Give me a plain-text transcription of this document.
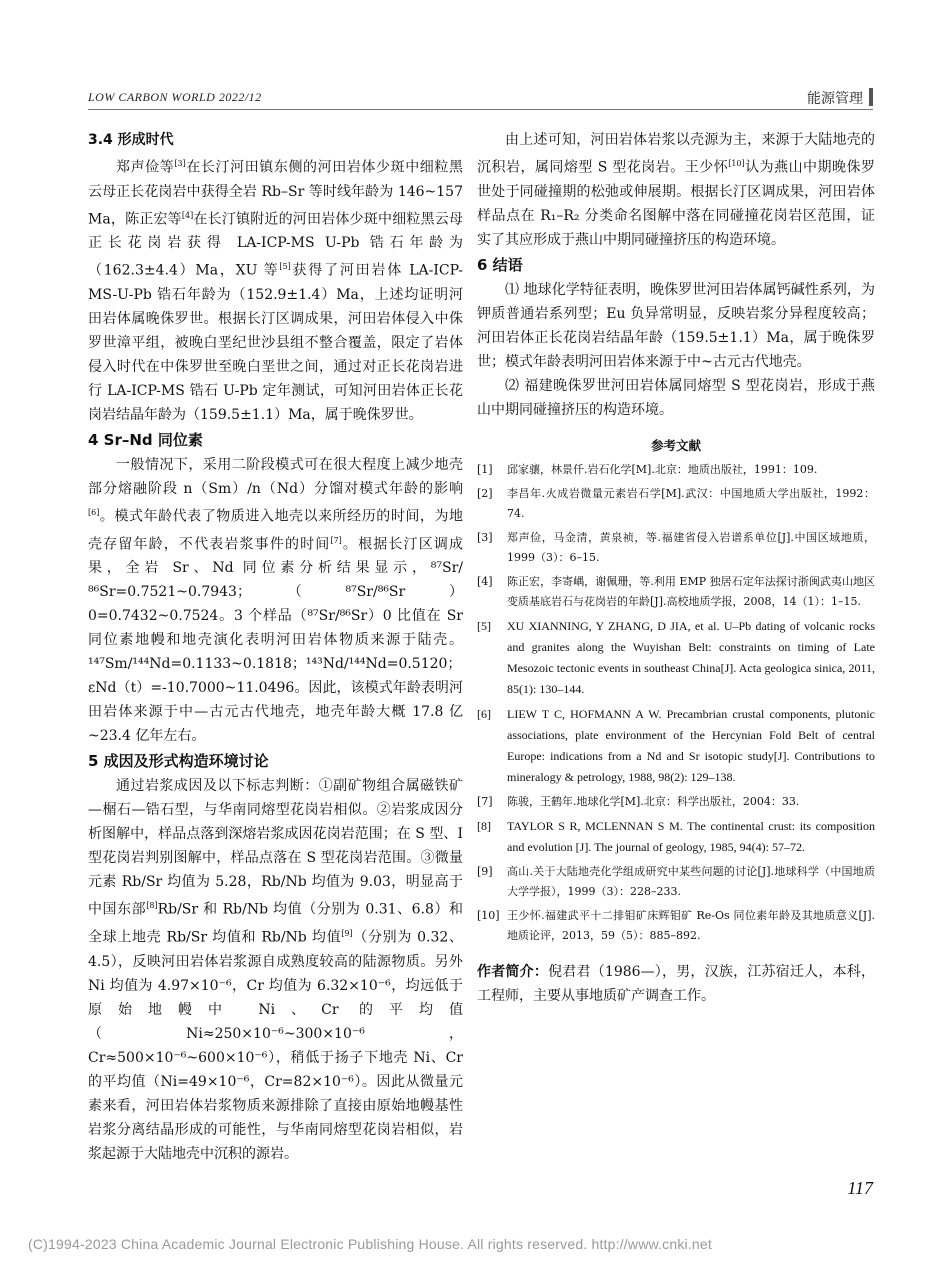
LOW CARBON WORLD 2022/12	能源管理
3.4 形成时代

郑声俭等[3]在长汀河田镇东侧的河田岩体少斑中细粒黑云母正长花岗岩中获得全岩 Rb–Sr 等时线年龄为 146~157 Ma，陈正宏等[4]在长汀镇附近的河田岩体少斑中细粒黑云母正长花岗岩获得 LA-ICP-MS U-Pb 锆石年龄为（162.3±4.4）Ma，XU 等[5]获得了河田岩体 LA-ICP-MS-U-Pb 锆石年龄为（152.9±1.4）Ma，上述均证明河田岩体属晚侏罗世。根据长汀区调成果，河田岩体侵入中侏罗世漳平组，被晚白垩纪世沙县组不整合覆盖，限定了岩体侵入时代在中侏罗世至晚白垩世之间，通过对正长花岗岩进行 LA-ICP-MS 锆石 U-Pb 定年测试，可知河田岩体正长花岗岩结晶年龄为（159.5±1.1）Ma，属于晚侏罗世。

4 Sr–Nd 同位素

一般情况下，采用二阶段模式可在很大程度上减少地壳部分熔融阶段 n（Sm）/n（Nd）分馏对模式年龄的影响[6]。模式年龄代表了物质进入地壳以来所经历的时间，为地壳存留年龄，不代表岩浆事件的时间[7]。根据长汀区调成果，全岩 Sr、Nd 同位素分析结果显示，⁸⁷Sr/⁸⁶Sr=0.7521~0.7943；（⁸⁷Sr/⁸⁶Sr）0=0.7432~0.7524。3 个样品（⁸⁷Sr/⁸⁶Sr）0 比值在 Sr 同位素地幔和地壳演化表明河田岩体物质来源于陆壳。¹⁴⁷Sm/¹⁴⁴Nd=0.1133~0.1818；¹⁴³Nd/¹⁴⁴Nd=0.5120；εNd（t）=-10.7000~11.0496。因此，该模式年龄表明河田岩体来源于中—古元古代地壳，地壳年龄大概 17.8 亿~23.4 亿年左右。

5 成因及形式构造环境讨论

通过岩浆成因及以下标志判断：①副矿物组合属磁铁矿—榍石—锆石型，与华南同熔型花岗岩相似。②岩浆成因分析图解中，样品点落到深熔岩浆成因花岗岩范围；在 S 型、I 型花岗岩判别图解中，样品点落在 S 型花岗岩范围。③微量元素 Rb/Sr 均值为 5.28，Rb/Nb 均值为 9.03，明显高于中国东部[8]Rb/Sr 和 Rb/Nb 均值（分别为 0.31、6.8）和全球上地壳 Rb/Sr 均值和 Rb/Nb 均值[9]（分别为 0.32、4.5），反映河田岩体岩浆源自成熟度较高的陆源物质。另外 Ni 均值为 4.97×10⁻⁶，Cr 均值为 6.32×10⁻⁶，均远低于原始地幔中 Ni、Cr 的平均值（Ni≈250×10⁻⁶~300×10⁻⁶，Cr≈500×10⁻⁶~600×10⁻⁶），稍低于扬子下地壳 Ni、Cr 的平均值（Ni=49×10⁻⁶，Cr=82×10⁻⁶）。因此从微量元素来看，河田岩体岩浆物质来源排除了直接由原始地幔基性岩浆分离结晶形成的可能性，与华南同熔型花岗岩相似，岩浆起源于大陆地壳中沉积的源岩。

由上述可知，河田岩体岩浆以壳源为主，来源于大陆地壳的沉积岩，属同熔型 S 型花岗岩。王少怀[10]认为燕山中期晚侏罗世处于同碰撞期的松弛或伸展期。根据长汀区调成果，河田岩体样品点在 R₁–R₂ 分类命名图解中落在同碰撞花岗岩区范围，证实了其应形成于燕山中期同碰撞挤压的构造环境。

6 结语

⑴ 地球化学特征表明，晚侏罗世河田岩体属钙碱性系列，为钾质普通岩系列型；Eu 负异常明显，反映岩浆分异程度较高；河田岩体正长花岗岩结晶年龄（159.5±1.1）Ma，属于晚侏罗世；模式年龄表明河田岩体来源于中~古元古代地壳。

⑵ 福建晚侏罗世河田岩体属同熔型 S 型花岗岩，形成于燕山中期同碰撞挤压的构造环境。

参考文献
[1] 邱家骧，林景仟.岩石化学[M].北京：地质出版社，1991：109.
[2] 李昌年.火成岩微量元素岩石学[M].武汉：中国地质大学出版社，1992：74.
[3] 郑声俭，马金清，黄泉祯，等.福建省侵入岩谱系单位[J].中国区域地质，1999（3）：6–15.
[4] 陈正宏，李寄嵎，谢佩珊，等.利用 EMP 独居石定年法探讨浙闽武夷山地区变质基底岩石与花岗岩的年龄[J].高校地质学报，2008，14（1）：1–15.
[5] XU XIANNING, Y ZHANG, D JIA, et al. U–Pb dating of volcanic rocks and granites along the Wuyishan Belt: constraints on timing of Late Mesozoic tectonic events in southeast China[J]. Acta geologica sinica, 2011, 85(1): 130–144.
[6] LIEW T C, HOFMANN A W. Precambrian crustal components, plutonic associations, plate environment of the Hercynian Fold Belt of central Europe: indications from a Nd and Sr isotopic study[J]. Contributions to mineralogy & petrology, 1988, 98(2): 129–138.
[7] 陈骏，王鹤年.地球化学[M].北京：科学出版社，2004：33.
[8] TAYLOR S R, MCLENNAN S M. The continental crust: its composition and evolution [J]. The journal of geology, 1985, 94(4): 57–72.
[9] 高山.关于大陆地壳化学组成研究中某些问题的讨论[J].地球科学（中国地质大学学报），1999（3）：228–233.
[10] 王少怀.福建武平十二排钼矿床辉钼矿 Re-Os 同位素年龄及其地质意义[J].地质论评，2013，59（5）：885–892.
作者简介：倪君君（1986—），男，汉族，江苏宿迁人，本科，工程师，主要从事地质矿产调查工作。
117
(C)1994-2023 China Academic Journal Electronic Publishing House. All rights reserved. http://www.cnki.net
